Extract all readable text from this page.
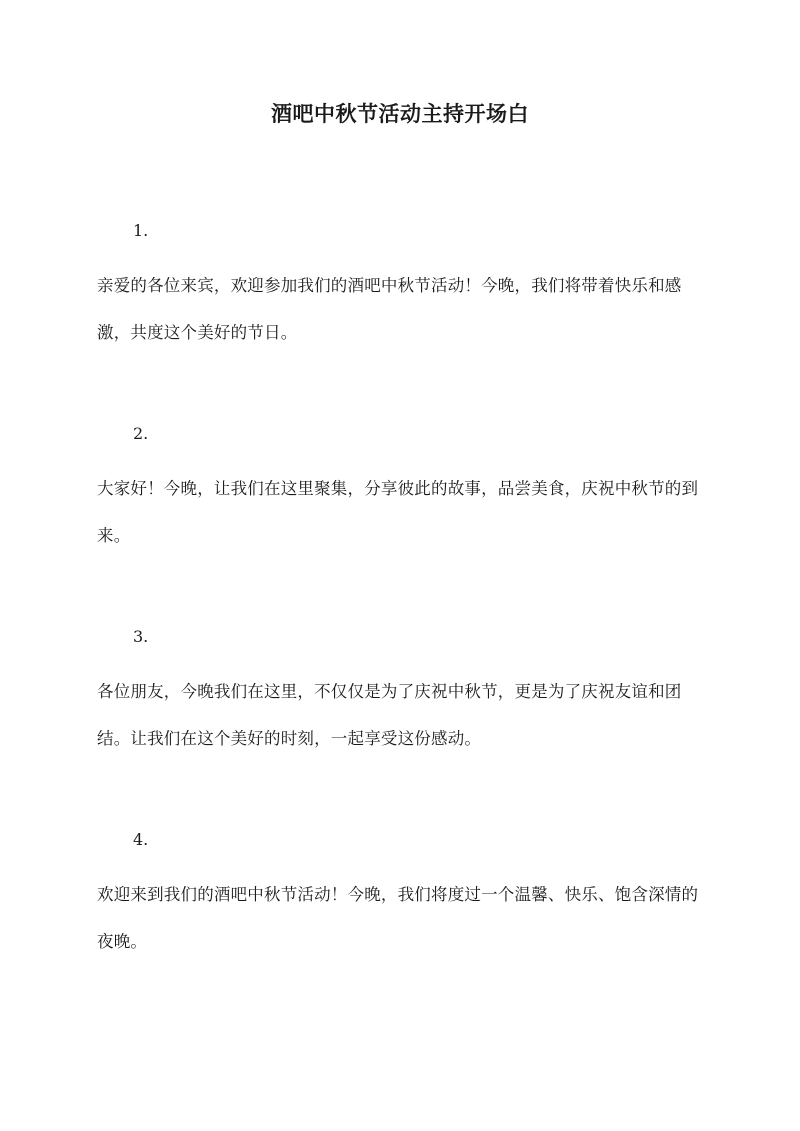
酒吧中秋节活动主持开场白

1.

亲爱的各位来宾，欢迎参加我们的酒吧中秋节活动！今晚，我们将带着快乐和感激，共度这个美好的节日。

2.

大家好！今晚，让我们在这里聚集，分享彼此的故事，品尝美食，庆祝中秋节的到来。

3.

各位朋友，今晚我们在这里，不仅仅是为了庆祝中秋节，更是为了庆祝友谊和团结。让我们在这个美好的时刻，一起享受这份感动。

4.

欢迎来到我们的酒吧中秋节活动！今晚，我们将度过一个温馨、快乐、饱含深情的夜晚。
